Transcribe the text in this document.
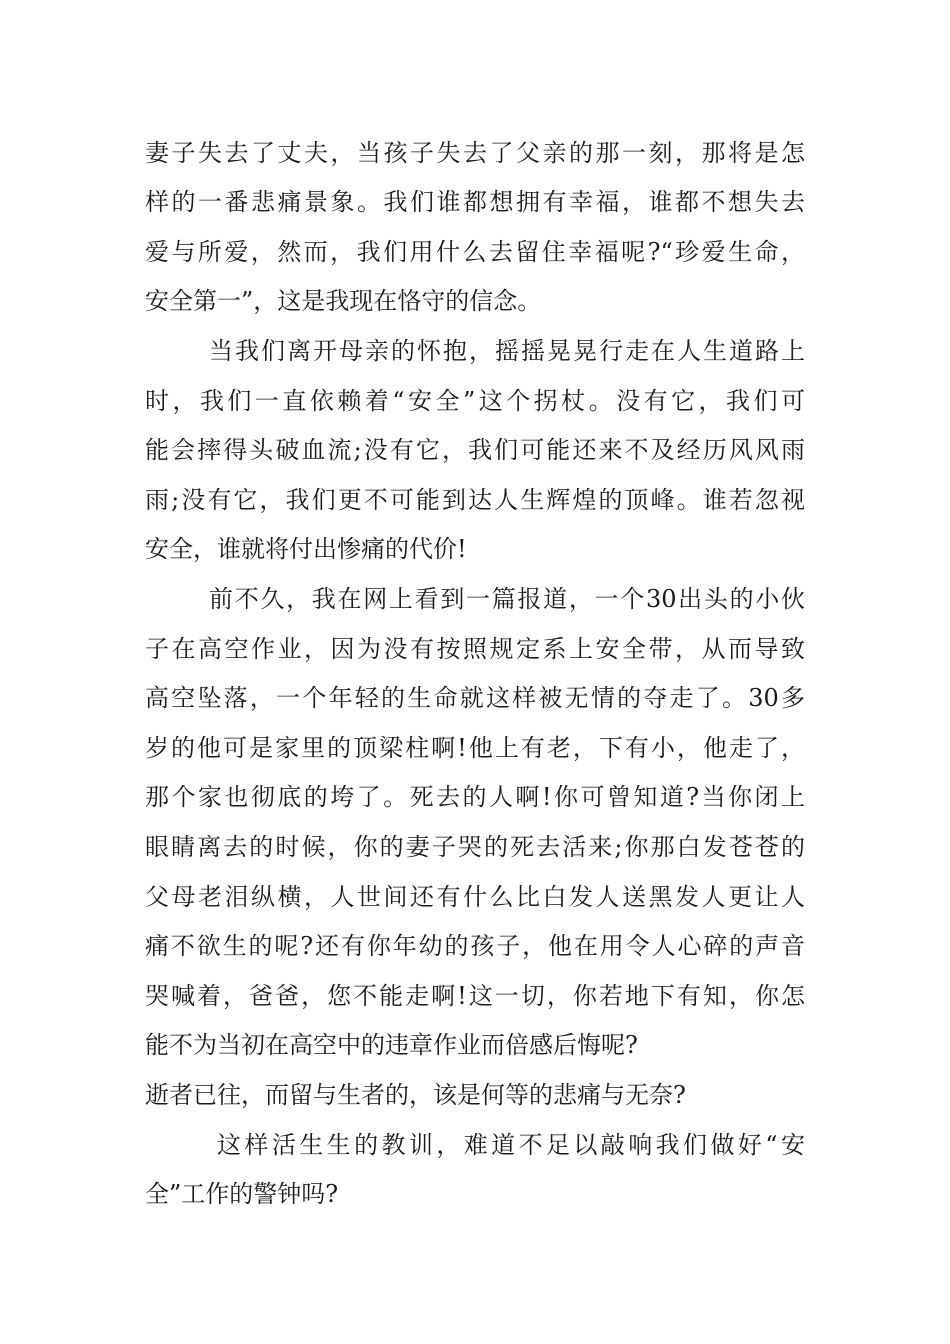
妻子失去了丈夫，当孩子失去了父亲的那一刻，那将是怎
样的一番悲痛景象。我们谁都想拥有幸福，谁都不想失去
爱与所爱，然而，我们用什么去留住幸福呢?“珍爱生命，
安全第一”，这是我现在恪守的信念。
当我们离开母亲的怀抱，摇摇晃晃行走在人生道路上
时，我们一直依赖着“安全”这个拐杖。没有它，我们可
能会摔得头破血流;没有它，我们可能还来不及经历风风雨
雨;没有它，我们更不可能到达人生辉煌的顶峰。谁若忽视
安全，谁就将付出惨痛的代价!
前不久，我在网上看到一篇报道，一个30出头的小伙
子在高空作业，因为没有按照规定系上安全带，从而导致
高空坠落，一个年轻的生命就这样被无情的夺走了。30多
岁的他可是家里的顶梁柱啊!他上有老，下有小，他走了，
那个家也彻底的垮了。死去的人啊!你可曾知道?当你闭上
眼睛离去的时候，你的妻子哭的死去活来;你那白发苍苍的
父母老泪纵横，人世间还有什么比白发人送黑发人更让人
痛不欲生的呢?还有你年幼的孩子，他在用令人心碎的声音
哭喊着，爸爸，您不能走啊!这一切，你若地下有知，你怎
能不为当初在高空中的违章作业而倍感后悔呢?
逝者已往，而留与生者的，该是何等的悲痛与无奈?
这样活生生的教训，难道不足以敲响我们做好“安
全”工作的警钟吗?
